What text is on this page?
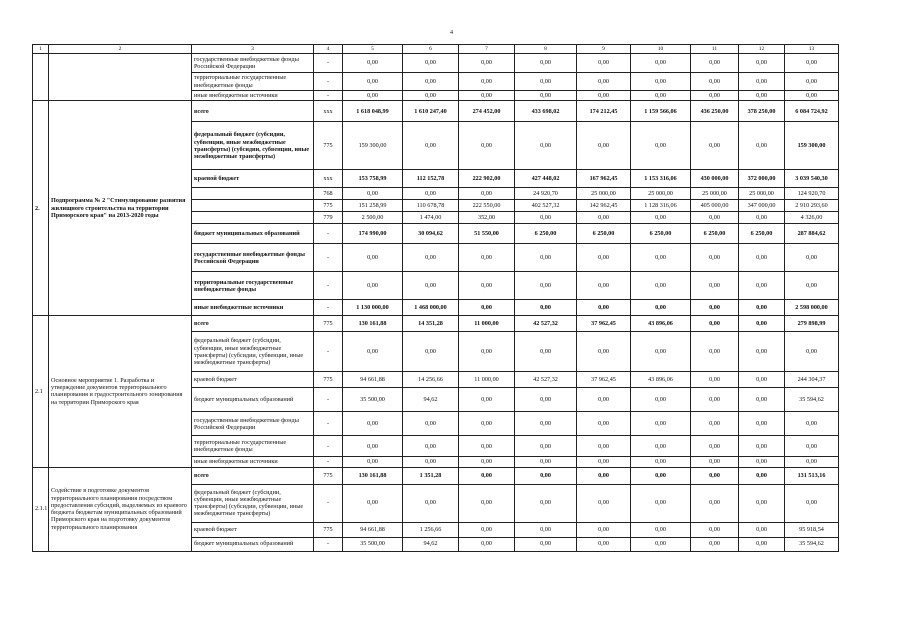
4
1	2	3	4	5	6	7	8	9	10	11	12	13
		государственные внебюджетные фонды Российской Федерации	-	0,00	0,00	0,00	0,00	0,00	0,00	0,00	0,00	0,00
		территориальные государственные внебюджетные фонды	-	0,00	0,00	0,00	0,00	0,00	0,00	0,00	0,00	0,00
		иные внебюджетные источники	-	0,00	0,00	0,00	0,00	0,00	0,00	0,00	0,00	0,00
2.	Подпрограмма № 2 "Стимулирование развития жилищного строительства на территории Приморского края" на 2013-2020 годы	всего	xxx	1 618 048,99	1 610 247,40	274 452,00	433 698,02	174 212,45	1 159 566,06	436 250,00	378 250,00	6 084 724,92
		федеральный бюджет (субсидии, субвенции, иные межбюджетные трансферты) (субсидии, субвенции, иные межбюджетные трансферты)	775	159 300,00	0,00	0,00	0,00	0,00	0,00	0,00	0,00	159 300,00
		краевой бюджет	xxx	153 758,99	112 152,78	222 902,00	427 448,02	167 962,45	1 153 316,06	430 000,00	372 000,00	3 039 540,30
			768	0,00	0,00	0,00	24 920,70	25 000,00	25 000,00	25 000,00	25 000,00	124 920,70
			775	151 258,99	110 678,78	222 550,00	402 527,32	142 962,45	1 128 316,06	405 000,00	347 000,00	2 910 293,60
			779	2 500,00	1 474,00	352,00	0,00	0,00	0,00	0,00	0,00	4 326,00
		бюджет муниципальных образований	-	174 990,00	30 094,62	51 550,00	6 250,00	6 250,00	6 250,00	6 250,00	6 250,00	287 884,62
		государственные внебюджетные фонды Российской Федерации	-	0,00	0,00	0,00	0,00	0,00	0,00	0,00	0,00	0,00
		территориальные государственные внебюджетные фонды	-	0,00	0,00	0,00	0,00	0,00	0,00	0,00	0,00	0,00
		иные внебюджетные источники	-	1 130 000,00	1 468 000,00	0,00	0,00	0,00	0,00	0,00	0,00	2 598 000,00
2.1	Основное мероприятие 1. Разработка и утверждение документов территориального планирования и градостроительного зонирования на территории Приморского края	всего	775	130 161,88	14 351,28	11 000,00	42 527,32	37 962,45	43 896,06	0,00	0,00	279 898,99
		федеральный бюджет (субсидии, субвенции, иные межбюджетные трансферты) (субсидии, субвенции, иные межбюджетные трансферты)	-	0,00	0,00	0,00	0,00	0,00	0,00	0,00	0,00	0,00
		краевой бюджет	775	94 661,88	14 256,66	11 000,00	42 527,32	37 962,45	43 896,06	0,00	0,00	244 304,37
		бюджет муниципальных образований	-	35 500,00	94,62	0,00	0,00	0,00	0,00	0,00	0,00	35 594,62
		государственные внебюджетные фонды Российской Федерации	-	0,00	0,00	0,00	0,00	0,00	0,00	0,00	0,00	0,00
		территориальные государственные внебюджетные фонды	-	0,00	0,00	0,00	0,00	0,00	0,00	0,00	0,00	0,00
		иные внебюджетные источники	-	0,00	0,00	0,00	0,00	0,00	0,00	0,00	0,00	0,00
2.1.1	Содействие в подготовке документов территориального планирования посредством предоставления субсидий, выделяемых из краевого бюджета бюджетам муниципальных образований Приморского края на подготовку документов территориального планирования	всего	775	130 161,88	1 351,28	0,00	0,00	0,00	0,00	0,00	0,00	131 513,16
		федеральный бюджет (субсидии, субвенции, иные межбюджетные трансферты) (субсидии, субвенции, иные межбюджетные трансферты)	-	0,00	0,00	0,00	0,00	0,00	0,00	0,00	0,00	0,00
		краевой бюджет	775	94 661,88	1 256,66	0,00	0,00	0,00	0,00	0,00	0,00	95 918,54
		бюджет муниципальных образований	-	35 500,00	94,62	0,00	0,00	0,00	0,00	0,00	0,00	35 594,62
